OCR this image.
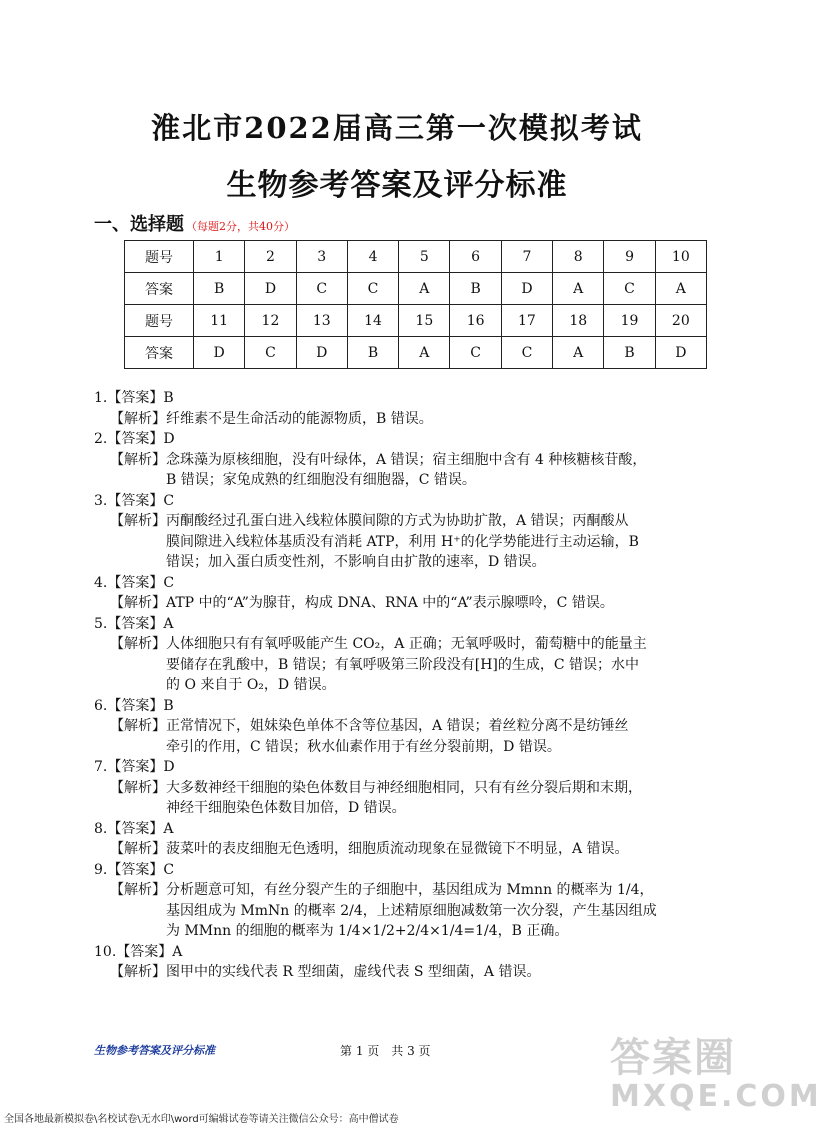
淮北市2022届高三第一次模拟考试
生物参考答案及评分标准
一、选择题 （每题2分，共40分）
题号	1	2	3	4	5	6	7	8	9	10
答案	B	D	C	C	A	B	D	A	C	A
题号	11	12	13	14	15	16	17	18	19	20
答案	D	C	D	B	A	C	C	A	B	D
1.【答案】B
【解析】 纤维素不是生命活动的能源物质，B 错误。
2.【答案】D
【解析】 念珠藻为原核细胞，没有叶绿体，A 错误；宿主细胞中含有 4 种核糖核苷酸，
B 错误；家兔成熟的红细胞没有细胞器，C 错误。
3.【答案】C
【解析】 丙酮酸经过孔蛋白进入线粒体膜间隙的方式为协助扩散，A 错误；丙酮酸从
膜间隙进入线粒体基质没有消耗 ATP，利用 H⁺的化学势能进行主动运输，B
错误；加入蛋白质变性剂，不影响自由扩散的速率，D 错误。
4.【答案】C
【解析】 ATP 中的“A”为腺苷，构成 DNA、RNA 中的“A”表示腺嘌呤，C 错误。
5.【答案】A
【解析】 人体细胞只有有氧呼吸能产生 CO₂，A 正确；无氧呼吸时，葡萄糖中的能量主
要储存在乳酸中，B 错误；有氧呼吸第三阶段没有[H]的生成，C 错误；水中
的 O 来自于 O₂，D 错误。
6.【答案】B
【解析】 正常情况下，姐妹染色单体不含等位基因，A 错误；着丝粒分离不是纺锤丝
牵引的作用，C 错误；秋水仙素作用于有丝分裂前期，D 错误。
7.【答案】D
【解析】 大多数神经干细胞的染色体数目与神经细胞相同，只有有丝分裂后期和末期，
神经干细胞染色体数目加倍，D 错误。
8.【答案】A
【解析】 菠菜叶的表皮细胞无色透明，细胞质流动现象在显微镜下不明显，A 错误。
9.【答案】C
【解析】 分析题意可知，有丝分裂产生的子细胞中，基因组成为 Mmnn 的概率为 1/4，
基因组成为 MmNn 的概率 2/4，上述精原细胞减数第一次分裂，产生基因组成
为 MMnn 的细胞的概率为 1/4×1/2+2/4×1/4=1/4，B 正确。
10.【答案】A
【解析】 图甲中的实线代表 R 型细菌，虚线代表 S 型细菌，A 错误。
生物参考答案及评分标准	第 1 页　共 3 页
全国各地最新模拟卷\名校试卷\无水印\word可编辑试卷等请关注微信公众号：高中僧试卷
答案圈
MXQE.COM
